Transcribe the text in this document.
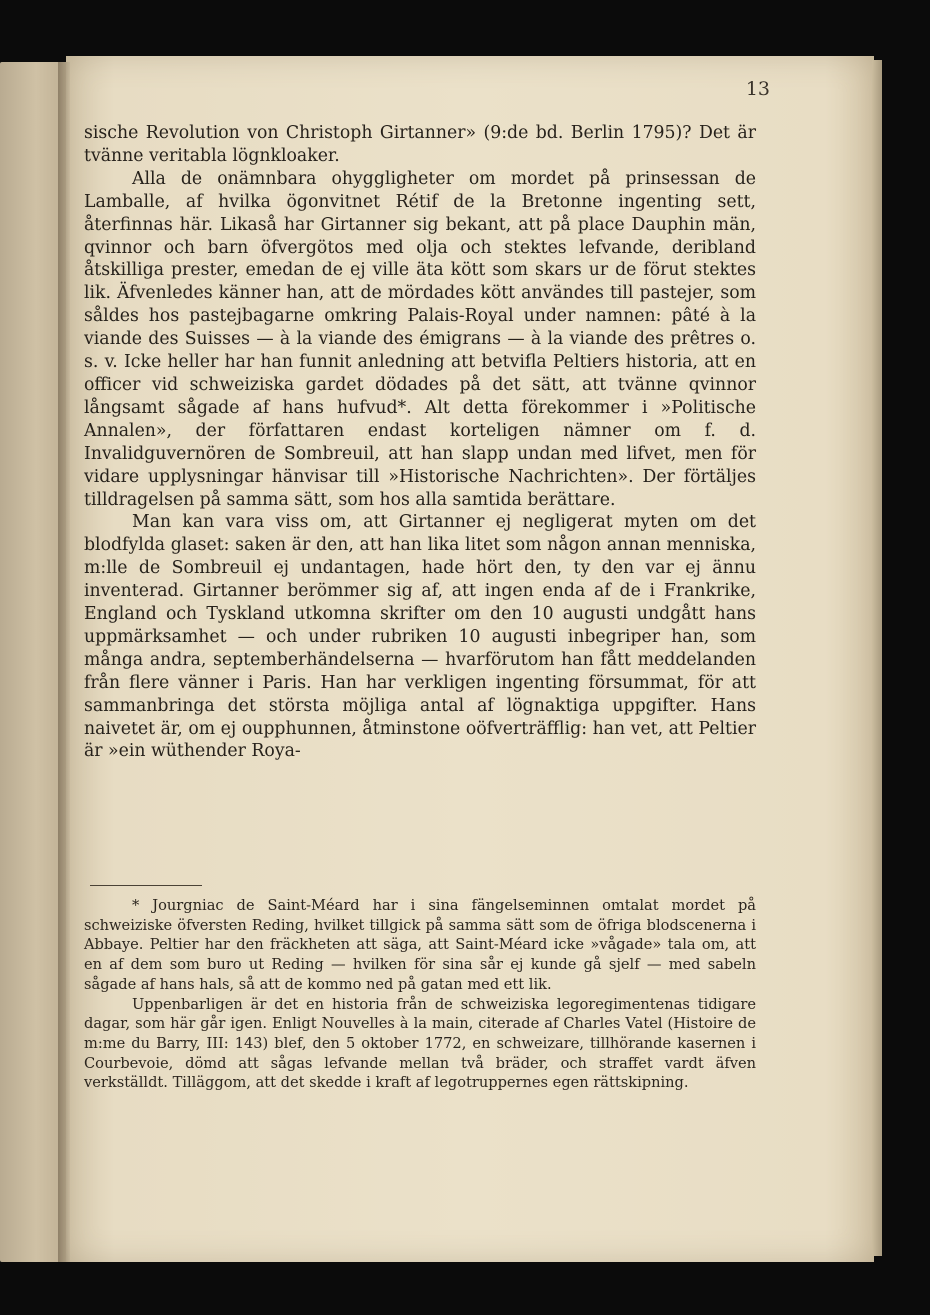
13

sische Revolution von Christoph Girtanner» (9:de bd. Berlin 1795)? Det är tvänne veritabla lögnkloaker.

Alla de onämnbara ohyggligheter om mordet på prinsessan de Lamballe, af hvilka ögonvitnet Rétif de la Bretonne ingenting sett, återfinnas här. Likaså har Girtanner sig bekant, att på place Dauphin män, qvinnor och barn öfvergötos med olja och stektes lefvande, deribland åtskilliga prester, emedan de ej ville äta kött som skars ur de förut stektes lik. Äfvenledes känner han, att de mördades kött användes till pastejer, som såldes hos pastejbagarne omkring Palais-Royal under namnen: pâté à la viande des Suisses — à la viande des émigrans — à la viande des prêtres o. s. v. Icke heller har han funnit anledning att betvifla Peltiers historia, att en officer vid schweiziska gardet dödades på det sätt, att tvänne qvinnor långsamt sågade af hans hufvud*. Alt detta förekommer i »Politische Annalen», der författaren endast korteligen nämner om f. d. Invalidguvernören de Sombreuil, att han slapp undan med lifvet, men för vidare upplysningar hänvisar till »Historische Nachrichten». Der förtäljes tilldragelsen på samma sätt, som hos alla samtida berättare.

Man kan vara viss om, att Girtanner ej negligerat myten om det blodfylda glaset: saken är den, att han lika litet som någon annan menniska, m:lle de Sombreuil ej undantagen, hade hört den, ty den var ej ännu inventerad. Girtanner berömmer sig af, att ingen enda af de i Frankrike, England och Tyskland utkomna skrifter om den 10 augusti undgått hans uppmärksamhet — och under rubriken 10 augusti inbegriper han, som många andra, septemberhändelserna — hvarförutom han fått meddelanden från flere vänner i Paris. Han har verkligen ingenting försummat, för att sammanbringa det största möjliga antal af lögnaktiga uppgifter. Hans naivetet är, om ej oupphunnen, åtminstone oöfverträfflig: han vet, att Peltier är »ein wüthender Roya-

* Jourgniac de Saint-Méard har i sina fängelseminnen omtalat mordet på schweiziske öfversten Reding, hvilket tillgick på samma sätt som de öfriga blodscenerna i Abbaye. Peltier har den fräckheten att säga, att Saint-Méard icke »vågade» tala om, att en af dem som buro ut Reding — hvilken för sina sår ej kunde gå sjelf — med sabeln sågade af hans hals, så att de kommo ned på gatan med ett lik.

Uppenbarligen är det en historia från de schweiziska legoregimentenas tidigare dagar, som här går igen. Enligt Nouvelles à la main, citerade af Charles Vatel (Histoire de m:me du Barry, III: 143) blef, den 5 oktober 1772, en schweizare, tillhörande kasernen i Courbevoie, dömd att sågas lefvande mellan två bräder, och straffet vardt äfven verkställdt. Tilläggom, att det skedde i kraft af legotruppernes egen rättskipning.
